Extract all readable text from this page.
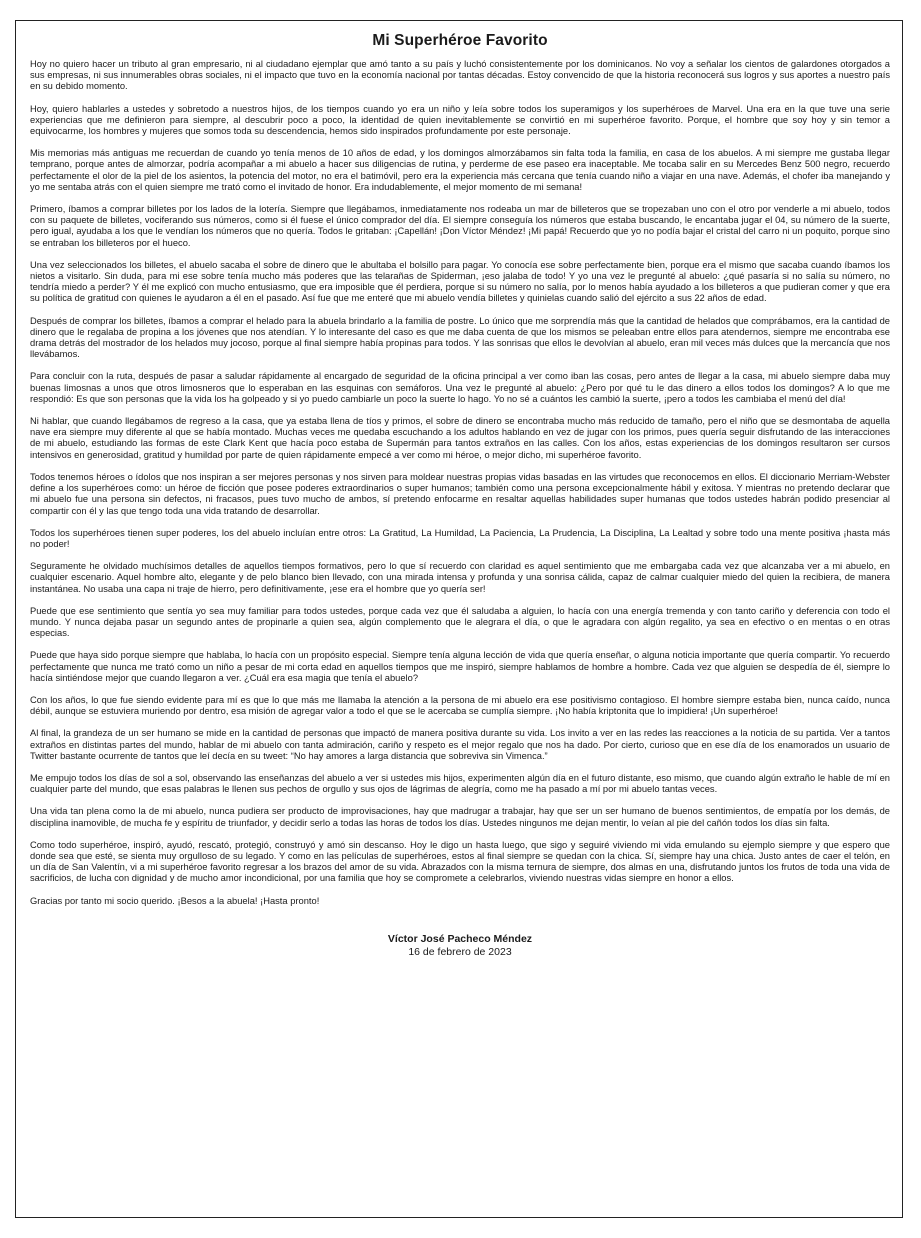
Mi Superhéroe Favorito

Hoy no quiero hacer un tributo al gran empresario, ni al ciudadano ejemplar que amó tanto a su país y luchó consistentemente por los dominicanos. No voy a señalar los cientos de galardones otorgados a sus empresas, ni sus innumerables obras sociales, ni el impacto que tuvo en la economía nacional por tantas décadas. Estoy convencido de que la historia reconocerá sus logros y sus aportes a nuestro país en su debido momento.

Hoy, quiero hablarles a ustedes y sobretodo a nuestros hijos, de los tiempos cuando yo era un niño y leía sobre todos los superamigos y los superhéroes de Marvel. Una era en la que tuve una serie experiencias que me definieron para siempre, al descubrir poco a poco, la identidad de quien inevitablemente se convirtió en mi superhéroe favorito. Porque, el hombre que soy hoy y sin temor a equivocarme, los hombres y mujeres que somos toda su descendencia, hemos sido inspirados profundamente por este personaje.

Mis memorias más antiguas me recuerdan de cuando yo tenía menos de 10 años de edad, y los domingos almorzábamos sin falta toda la familia, en casa de los abuelos. A mi siempre me gustaba llegar temprano, porque antes de almorzar, podría acompañar a mi abuelo a hacer sus diligencias de rutina, y perderme de ese paseo era inaceptable. Me tocaba salir en su Mercedes Benz 500 negro, recuerdo perfectamente el olor de la piel de los asientos, la potencia del motor, no era el batimóvil, pero era la experiencia más cercana que tenía cuando niño a viajar en una nave. Además, el chofer iba manejando y yo me sentaba atrás con el quien siempre me trató como el invitado de honor. Era indudablemente, el mejor momento de mi semana!

Primero, íbamos a comprar billetes por los lados de la lotería. Siempre que llegábamos, inmediatamente nos rodeaba un mar de billeteros que se tropezaban uno con el otro por venderle a mi abuelo, todos con su paquete de billetes, vociferando sus números, como si él fuese el único comprador del día. El siempre conseguía los números que estaba buscando, le encantaba jugar el 04, su número de la suerte, pero igual, ayudaba a los que le vendían los números que no quería. Todos le gritaban: ¡Capellán! ¡Don Víctor Méndez! ¡Mi papá! Recuerdo que yo no podía bajar el cristal del carro ni un poquito, porque sino se entraban los billeteros por el hueco.

Una vez seleccionados los billetes, el abuelo sacaba el sobre de dinero que le abultaba el bolsillo para pagar. Yo conocía ese sobre perfectamente bien, porque era el mismo que sacaba cuando íbamos los nietos a visitarlo. Sin duda, para mi ese sobre tenía mucho más poderes que las telarañas de Spiderman, ¡eso jalaba de todo! Y yo una vez le pregunté al abuelo: ¿qué pasaría si no salía su número, no tendría miedo a perder? Y él me explicó con mucho entusiasmo, que era imposible que él perdiera, porque si su número no salía, por lo menos había ayudado a los billeteros a que pudieran comer y que era su política de gratitud con quienes le ayudaron a él en el pasado. Así fue que me enteré que mi abuelo vendía billetes y quinielas cuando salió del ejército a sus 22 años de edad.

Después de comprar los billetes, íbamos a comprar el helado para la abuela brindarlo a la familia de postre. Lo único que me sorprendía más que la cantidad de helados que comprábamos, era la cantidad de dinero que le regalaba de propina a los jóvenes que nos atendían. Y lo interesante del caso es que me daba cuenta de que los mismos se peleaban entre ellos para atendernos, siempre me encontraba ese drama detrás del mostrador de los helados muy jocoso, porque al final siempre había propinas para todos. Y las sonrisas que ellos le devolvían al abuelo, eran mil veces más dulces que la mercancía que nos llevábamos.

Para concluir con la ruta, después de pasar a saludar rápidamente al encargado de seguridad de la oficina principal a ver como iban las cosas, pero antes de llegar a la casa, mi abuelo siempre daba muy buenas limosnas a unos que otros limosneros que lo esperaban en las esquinas con semáforos. Una vez le pregunté al abuelo: ¿Pero por qué tu le das dinero a ellos todos los domingos? A lo que me respondió: Es que son personas que la vida los ha golpeado y si yo puedo cambiarle un poco la suerte lo hago. Yo no sé a cuántos les cambió la suerte, ¡pero a todos les cambiaba el menú del día!

Ni hablar, que cuando llegábamos de regreso a la casa, que ya estaba llena de tíos y primos, el sobre de dinero se encontraba mucho más reducido de tamaño, pero el niño que se desmontaba de aquella nave era siempre muy diferente al que se había montado. Muchas veces me quedaba escuchando a los adultos hablando en vez de jugar con los primos, pues quería seguir disfrutando de las interacciones de mi abuelo, estudiando las formas de este Clark Kent que hacía poco estaba de Supermán para tantos extraños en las calles. Con los años, estas experiencias de los domingos resultaron ser cursos intensivos en generosidad, gratitud y humildad por parte de quien rápidamente empecé a ver como mi héroe, o mejor dicho, mi superhéroe favorito.

Todos tenemos héroes o ídolos que nos inspiran a ser mejores personas y nos sirven para moldear nuestras propias vidas basadas en las virtudes que reconocemos en ellos. El diccionario Merriam-Webster define a los superhéroes como: un héroe de ficción que posee poderes extraordinarios o super humanos; también como una persona excepcionalmente hábil y exitosa. Y mientras no pretendo declarar que mi abuelo fue una persona sin defectos, ni fracasos, pues tuvo mucho de ambos, sí pretendo enfocarme en resaltar aquellas habilidades super humanas que todos ustedes habrán podido presenciar al compartir con él y las que tengo toda una vida tratando de desarrollar.

Todos los superhéroes tienen super poderes, los del abuelo incluían entre otros: La Gratitud, La Humildad, La Paciencia, La Prudencia, La Disciplina, La Lealtad y sobre todo una mente positiva ¡hasta más no poder!

Seguramente he olvidado muchísimos detalles de aquellos tiempos formativos, pero lo que sí recuerdo con claridad es aquel sentimiento que me embargaba cada vez que alcanzaba ver a mi abuelo, en cualquier escenario. Aquel hombre alto, elegante y de pelo blanco bien llevado, con una mirada intensa y profunda y una sonrisa cálida, capaz de calmar cualquier miedo del quien la recibiera, de manera instantánea. No usaba una capa ni traje de hierro, pero definitivamente, ¡ese era el hombre que yo quería ser!

Puede que ese sentimiento que sentía yo sea muy familiar para todos ustedes, porque cada vez que él saludaba a alguien, lo hacía con una energía tremenda y con tanto cariño y deferencia con todo el mundo. Y nunca dejaba pasar un segundo antes de propinarle a quien sea, algún complemento que le alegrara el día, o que le agradara con algún regalito, ya sea en efectivo o en mentas o en otras especias.

Puede que haya sido porque siempre que hablaba, lo hacía con un propósito especial. Siempre tenía alguna lección de vida que quería enseñar, o alguna noticia importante que quería compartir. Yo recuerdo perfectamente que nunca me trató como un niño a pesar de mi corta edad en aquellos tiempos que me inspiró, siempre hablamos de hombre a hombre. Cada vez que alguien se despedía de él, siempre lo hacía sintiéndose mejor que cuando llegaron a ver. ¿Cuál era esa magia que tenía el abuelo?

Con los años, lo que fue siendo evidente para mí es que lo que más me llamaba la atención a la persona de mi abuelo era ese positivismo contagioso. El hombre siempre estaba bien, nunca caído, nunca débil, aunque se estuviera muriendo por dentro, esa misión de agregar valor a todo el que se le acercaba se cumplía siempre. ¡No había kriptonita que lo impidiera! ¡Un superhéroe!

Al final, la grandeza de un ser humano se mide en la cantidad de personas que impactó de manera positiva durante su vida. Los invito a ver en las redes las reacciones a la noticia de su partida. Ver a tantos extraños en distintas partes del mundo, hablar de mi abuelo con tanta admiración, cariño y respeto es el mejor regalo que nos ha dado. Por cierto, curioso que en ese día de los enamorados un usuario de Twitter bastante ocurrente de tantos que leí decía en su tweet: “No hay amores a larga distancia que sobreviva sin Vimenca.”

Me empujo todos los días de sol a sol, observando las enseñanzas del abuelo a ver si ustedes mis hijos, experimenten algún día en el futuro distante, eso mismo, que cuando algún extraño le hable de mí en cualquier parte del mundo, que esas palabras le llenen sus pechos de orgullo y sus ojos de lágrimas de alegría, como me ha pasado a mí por mi abuelo tantas veces.

Una vida tan plena como la de mi abuelo, nunca pudiera ser producto de improvisaciones, hay que madrugar a trabajar, hay que ser un ser humano de buenos sentimientos, de empatía por los demás, de disciplina inamovible, de mucha fe y espíritu de triunfador, y decidir serlo a todas las horas de todos los días. Ustedes ningunos me dejan mentir, lo veían al pie del cañón todos los días sin falta.

Como todo superhéroe, inspiró, ayudó, rescató, protegió, construyó y amó sin descanso. Hoy le digo un hasta luego, que sigo y seguiré viviendo mi vida emulando su ejemplo siempre y que espero que donde sea que esté, se sienta muy orgulloso de su legado. Y como en las películas de superhéroes, estos al final siempre se quedan con la chica. Sí, siempre hay una chica. Justo antes de caer el telón, en un día de San Valentín, vi a mi superhéroe favorito regresar a los brazos del amor de su vida. Abrazados con la misma ternura de siempre, dos almas en una, disfrutando juntos los frutos de toda una vida de sacrificios, de lucha con dignidad y de mucho amor incondicional, por una familia que hoy se compromete a celebrarlos, viviendo nuestras vidas siempre en honor a ellos.

Gracias por tanto mi socio querido. ¡Besos a la abuela! ¡Hasta pronto!

Víctor José Pacheco Méndez
16 de febrero de 2023
